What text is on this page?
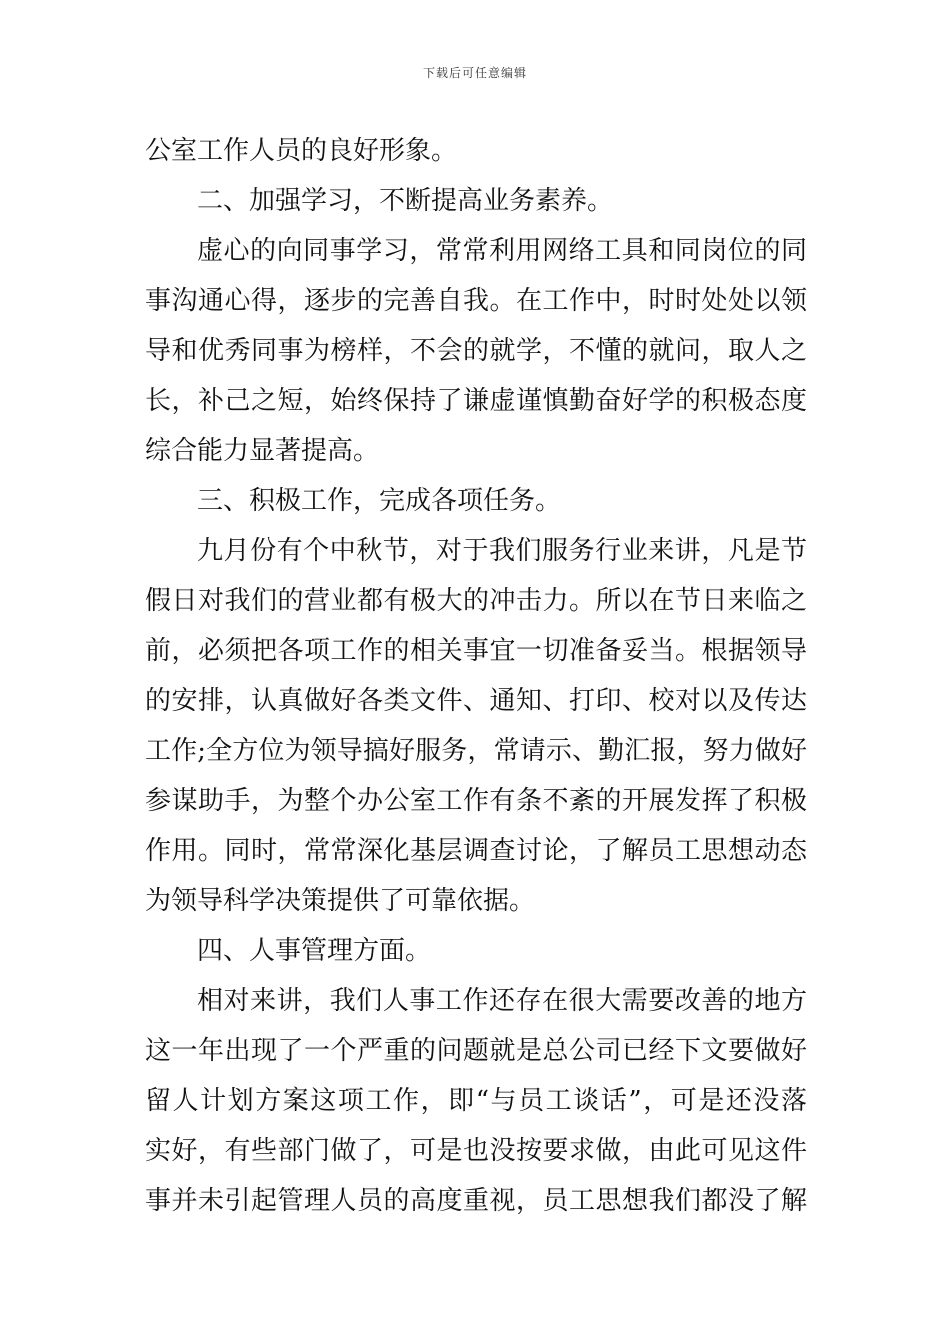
下载后可任意编辑
公室工作人员的良好形象。
二、加强学习，不断提高业务素养。
虚心的向同事学习，常常利用网络工具和同岗位的同
事沟通心得，逐步的完善自我。在工作中，时时处处以领
导和优秀同事为榜样，不会的就学，不懂的就问，取人之
长，补己之短，始终保持了谦虚谨慎勤奋好学的积极态度
综合能力显著提高。
三、积极工作，完成各项任务。
九月份有个中秋节，对于我们服务行业来讲，凡是节
假日对我们的营业都有极大的冲击力。所以在节日来临之
前，必须把各项工作的相关事宜一切准备妥当。根据领导
的安排，认真做好各类文件、通知、打印、校对以及传达
工作;全方位为领导搞好服务，常请示、勤汇报，努力做好
参谋助手，为整个办公室工作有条不紊的开展发挥了积极
作用。同时，常常深化基层调查讨论，了解员工思想动态
为领导科学决策提供了可靠依据。
四、人事管理方面。
相对来讲，我们人事工作还存在很大需要改善的地方
这一年出现了一个严重的问题就是总公司已经下文要做好
留人计划方案这项工作，即“与员工谈话”，可是还没落
实好，有些部门做了，可是也没按要求做，由此可见这件
事并未引起管理人员的高度重视，员工思想我们都没了解
